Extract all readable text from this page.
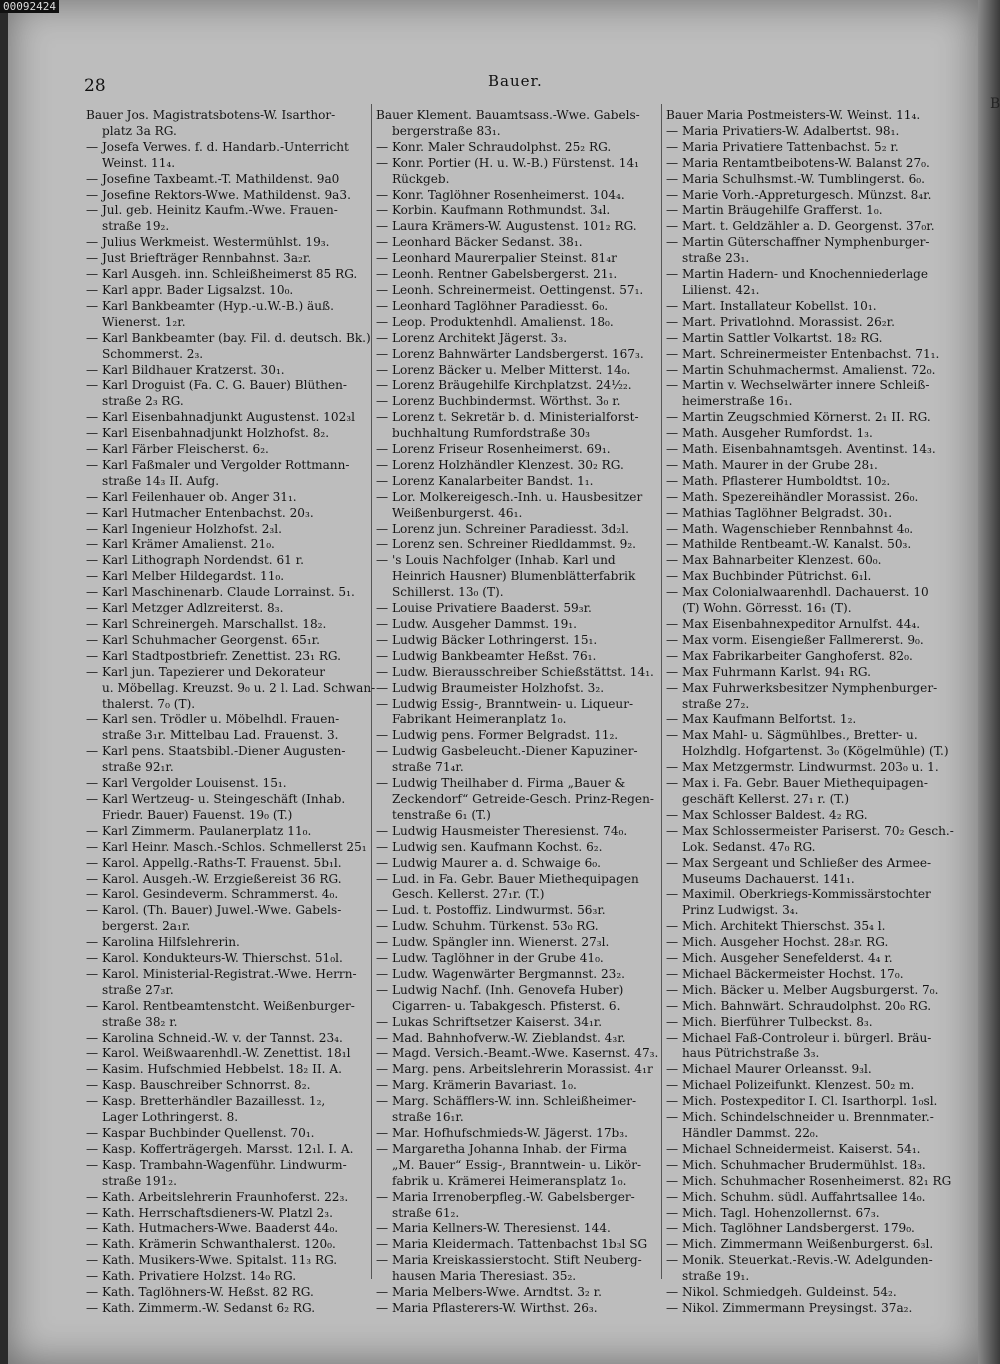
00092424
28	Bauer.
B
Bauer Jos. Magistratsbotens-W. Isarthor-
platz 3a RG.
— Josefa Verwes. f. d. Handarb.-Unterricht
Weinst. 11₄.
— Josefine Taxbeamt.-T. Mathildenst. 9a0
— Josefine Rektors-Wwe. Mathildenst. 9a3.
— Jul. geb. Heinitz Kaufm.-Wwe. Frauen-
straße 19₂.
— Julius Werkmeist. Westermühlst. 19₃.
— Just Briefträger Rennbahnst. 3a₂r.
— Karl Ausgeh. inn. Schleißheimerst 85 RG.
— Karl appr. Bader Ligsalzst. 10₀.
— Karl Bankbeamter (Hyp.-u.W.-B.) äuß.
Wienerst. 1₂r.
— Karl Bankbeamter (bay. Fil. d. deutsch. Bk.)
Schommerst. 2₃.
— Karl Bildhauer Kratzerst. 30₁.
— Karl Droguist (Fa. C. G. Bauer) Blüthen-
straße 2₃ RG.
— Karl Eisenbahnadjunkt Augustenst. 102₃l
— Karl Eisenbahnadjunkt Holzhofst. 8₂.
— Karl Färber Fleischerst. 6₂.
— Karl Faßmaler und Vergolder Rottmann-
straße 14₃ II. Aufg.
— Karl Feilenhauer ob. Anger 31₁.
— Karl Hutmacher Entenbachst. 20₃.
— Karl Ingenieur Holzhofst. 2₃l.
— Karl Krämer Amalienst. 21₀.
— Karl Lithograph Nordendst. 61 r.
— Karl Melber Hildegardst. 11₀.
— Karl Maschinenarb. Claude Lorrainst. 5₁.
— Karl Metzger Adlzreiterst. 8₃.
— Karl Schreinergeh. Marschallst. 18₂.
— Karl Schuhmacher Georgenst. 65₁r.
— Karl Stadtpostbriefr. Zenettist. 23₁ RG.
— Karl jun. Tapezierer und Dekorateur
u. Möbellag. Kreuzst. 9₀ u. 2 l. Lad. Schwan-
thalerst. 7₀ (T).
— Karl sen. Trödler u. Möbelhdl. Frauen-
straße 3₁r. Mittelbau Lad. Frauenst. 3.
— Karl pens. Staatsbibl.-Diener Augusten-
straße 92₁r.
— Karl Vergolder Louisenst. 15₁.
— Karl Wertzeug- u. Steingeschäft (Inhab.
Friedr. Bauer) Fauenst. 19₀ (T.)
— Karl Zimmerm. Paulanerplatz 11₀.
— Karl Heinr. Masch.-Schlos. Schmellerst 25₁
— Karol. Appellg.-Raths-T. Frauenst. 5b₁l.
— Karol. Ausgeh.-W. Erzgießereist 36 RG.
— Karol. Gesindeverm. Schrammerst. 4₀.
— Karol. (Th. Bauer) Juwel.-Wwe. Gabels-
bergerst. 2a₁r.
— Karolina Hilfslehrerin.
— Karol. Kondukteurs-W. Thierschst. 51₀l.
— Karol. Ministerial-Registrat.-Wwe. Herrn-
straße 27₃r.
— Karol. Rentbeamtenstcht. Weißenburger-
straße 38₂ r.
— Karolina Schneid.-W. v. der Tannst. 23₄.
— Karol. Weißwaarenhdl.-W. Zenettist. 18₁l
— Kasim. Hufschmied Hebbelst. 18₂ II. A.
— Kasp. Bauschreiber Schnorrst. 8₂.
— Kasp. Bretterhändler Bazaillesst. 1₂,
Lager Lothringerst. 8.
— Kaspar Buchbinder Quellenst. 70₁.
— Kasp. Kofferträgergeh. Marsst. 12₁l. I. A.
— Kasp. Trambahn-Wagenführ. Lindwurm-
straße 191₂.
— Kath. Arbeitslehrerin Fraunhoferst. 22₃.
— Kath. Herrschaftsdieners-W. Platzl 2₃.
— Kath. Hutmachers-Wwe. Baaderst 44₀.
— Kath. Krämerin Schwanthalerst. 120₀.
— Kath. Musikers-Wwe. Spitalst. 11₃ RG.
— Kath. Privatiere Holzst. 14₀ RG.
— Kath. Taglöhners-W. Heßst. 82 RG.
— Kath. Zimmerm.-W. Sedanst 6₂ RG.
Bauer Klement. Bauamtsass.-Wwe. Gabels-
bergerstraße 83₁.
— Konr. Maler Schraudolphst. 25₂ RG.
— Konr. Portier (H. u. W.-B.) Fürstenst. 14₁
Rückgeb.
— Konr. Taglöhner Rosenheimerst. 104₄.
— Korbin. Kaufmann Rothmundst. 3₄l.
— Laura Krämers-W. Augustenst. 101₂ RG.
— Leonhard Bäcker Sedanst. 38₁.
— Leonhard Maurerpalier Steinst. 81₄r
— Leonh. Rentner Gabelsbergerst. 21₁.
— Leonh. Schreinermeist. Oettingenst. 57₁.
— Leonhard Taglöhner Paradiesst. 6₀.
— Leop. Produktenhdl. Amalienst. 18₀.
— Lorenz Architekt Jägerst. 3₃.
— Lorenz Bahnwärter Landsbergerst. 167₃.
— Lorenz Bäcker u. Melber Mitterst. 14₀.
— Lorenz Bräugehilfe Kirchplatzst. 24½₂.
— Lorenz Buchbindermst. Wörthst. 3₀ r.
— Lorenz t. Sekretär b. d. Ministerialforst-
buchhaltung Rumfordstraße 30₃
— Lorenz Friseur Rosenheimerst. 69₁.
— Lorenz Holzhändler Klenzest. 30₂ RG.
— Lorenz Kanalarbeiter Bandst. 1₁.
— Lor. Molkereigesch.-Inh. u. Hausbesitzer
Weißenburgerst. 46₁.
— Lorenz jun. Schreiner Paradiesst. 3d₂l.
— Lorenz sen. Schreiner Riedldammst. 9₂.
— 's Louis Nachfolger (Inhab. Karl und
Heinrich Hausner) Blumenblätterfabrik
Schillerst. 13₀ (T).
— Louise Privatiere Baaderst. 59₃r.
— Ludw. Ausgeher Dammst. 19₁.
— Ludwig Bäcker Lothringerst. 15₁.
— Ludwig Bankbeamter Heßst. 76₁.
— Ludw. Bierausschreiber Schießstättst. 14₁.
— Ludwig Braumeister Holzhofst. 3₂.
— Ludwig Essig-, Branntwein- u. Liqueur-
Fabrikant Heimeranplatz 1₀.
— Ludwig pens. Former Belgradst. 11₂.
— Ludwig Gasbeleucht.-Diener Kapuziner-
straße 71₄r.
— Ludwig Theilhaber d. Firma „Bauer &
Zeckendorf“ Getreide-Gesch. Prinz-Regen-
tenstraße 6₁ (T.)
— Ludwig Hausmeister Theresienst. 74₀.
— Ludwig sen. Kaufmann Kochst. 6₂.
— Ludwig Maurer a. d. Schwaige 6₀.
— Lud. in Fa. Gebr. Bauer Miethequipagen
Gesch. Kellerst. 27₁r. (T.)
— Lud. t. Postoffiz. Lindwurmst. 56₃r.
— Ludw. Schuhm. Türkenst. 53₀ RG.
— Ludw. Spängler inn. Wienerst. 27₃l.
— Ludw. Taglöhner in der Grube 41₀.
— Ludw. Wagenwärter Bergmannst. 23₂.
— Ludwig Nachf. (Inh. Genovefa Huber)
Cigarren- u. Tabakgesch. Pfisterst. 6.
— Lukas Schriftsetzer Kaiserst. 34₁r.
— Mad. Bahnhofverw.-W. Zieblandst. 4₃r.
— Magd. Versich.-Beamt.-Wwe. Kasernst. 47₃.
— Marg. pens. Arbeitslehrerin Morassist. 4₁r
— Marg. Krämerin Bavariast. 1₀.
— Marg. Schäfflers-W. inn. Schleißheimer-
straße 16₁r.
— Mar. Hofhufschmieds-W. Jägerst. 17b₃.
— Margaretha Johanna Inhab. der Firma
„M. Bauer“ Essig-, Branntwein- u. Likör-
fabrik u. Krämerei Heimeransplatz 1₀.
— Maria Irrenoberpfleg.-W. Gabelsberger-
straße 61₂.
— Maria Kellners-W. Theresienst. 144.
— Maria Kleidermach. Tattenbachst 1b₃l SG
— Maria Kreiskassierstocht. Stift Neuberg-
hausen Maria Theresiast. 35₂.
— Maria Melbers-Wwe. Arndtst. 3₂ r.
— Maria Pflasterers-W. Wirthst. 26₃.
Bauer Maria Postmeisters-W. Weinst. 11₄.
— Maria Privatiers-W. Adalbertst. 98₁.
— Maria Privatiere Tattenbachst. 5₂ r.
— Maria Rentamtbeibotens-W. Balanst 27₀.
— Maria Schulhsmst.-W. Tumblingerst. 6₀.
— Marie Vorh.-Appreturgesch. Münzst. 8₄r.
— Martin Bräugehilfe Grafferst. 1₀.
— Mart. t. Geldzähler a. D. Georgenst. 37₀r.
— Martin Güterschaffner Nymphenburger-
straße 23₁.
— Martin Hadern- und Knochenniederlage
Lilienst. 42₁.
— Mart. Installateur Kobellst. 10₁.
— Mart. Privatlohnd. Morassist. 26₂r.
— Martin Sattler Volkartst. 18₂ RG.
— Mart. Schreinermeister Entenbachst. 71₁.
— Martin Schuhmachermst. Amalienst. 72₀.
— Martin v. Wechselwärter innere Schleiß-
heimerstraße 16₁.
— Martin Zeugschmied Körnerst. 2₁ II. RG.
— Math. Ausgeher Rumfordst. 1₃.
— Math. Eisenbahnamtsgeh. Aventinst. 14₃.
— Math. Maurer in der Grube 28₁.
— Math. Pflasterer Humboldtst. 10₂.
— Math. Spezereihändler Morassist. 26₀.
— Mathias Taglöhner Belgradst. 30₁.
— Math. Wagenschieber Rennbahnst 4₀.
— Mathilde Rentbeamt.-W. Kanalst. 50₃.
— Max Bahnarbeiter Klenzest. 60₀.
— Max Buchbinder Pütrichst. 6₁l.
— Max Colonialwaarenhdl. Dachauerst. 10
(T) Wohn. Görresst. 16₁ (T).
— Max Eisenbahnexpeditor Arnulfst. 44₄.
— Max vorm. Eisengießer Fallmererst. 9₀.
— Max Fabrikarbeiter Ganghoferst. 82₀.
— Max Fuhrmann Karlst. 94₁ RG.
— Max Fuhrwerksbesitzer Nymphenburger-
straße 27₂.
— Max Kaufmann Belfortst. 1₂.
— Max Mahl- u. Sägmühlbes., Bretter- u.
Holzhdlg. Hofgartenst. 3₀ (Kögelmühle) (T.)
— Max Metzgermstr. Lindwurmst. 203₀ u. 1.
— Max i. Fa. Gebr. Bauer Miethequipagen-
geschäft Kellerst. 27₁ r. (T.)
— Max Schlosser Baldest. 4₂ RG.
— Max Schlossermeister Pariserst. 70₂ Gesch.-
Lok. Sedanst. 47₀ RG.
— Max Sergeant und Schließer des Armee-
Museums Dachauerst. 141₁.
— Maximil. Oberkriegs-Kommissärstochter
Prinz Ludwigst. 3₄.
— Mich. Architekt Thierschst. 35₄ l.
— Mich. Ausgeher Hochst. 28₃r. RG.
— Mich. Ausgeher Senefelderst. 4₄ r.
— Michael Bäckermeister Hochst. 17₀.
— Mich. Bäcker u. Melber Augsburgerst. 7₀.
— Mich. Bahnwärt. Schraudolphst. 20₀ RG.
— Mich. Bierführer Tulbeckst. 8₃.
— Michael Faß-Controleur i. bürgerl. Bräu-
haus Pütrichstraße 3₃.
— Michael Maurer Orleansst. 9₃l.
— Michael Polizeifunkt. Klenzest. 50₂ m.
— Mich. Postexpeditor I. Cl. Isarthorpl. 1₀sl.
— Mich. Schindelschneider u. Brennmater.-
Händler Dammst. 22₀.
— Michael Schneidermeist. Kaiserst. 54₁.
— Mich. Schuhmacher Brudermühlst. 18₃.
— Mich. Schuhmacher Rosenheimerst. 82₁ RG
— Mich. Schuhm. südl. Auffahrtsallee 14₀.
— Mich. Tagl. Hohenzollernst. 67₃.
— Mich. Taglöhner Landsbergerst. 179₀.
— Mich. Zimmermann Weißenburgerst. 6₃l.
— Monik. Steuerkat.-Revis.-W. Adelgunden-
straße 19₁.
— Nikol. Schmiedgeh. Guldeinst. 54₂.
— Nikol. Zimmermann Preysingst. 37a₂.
